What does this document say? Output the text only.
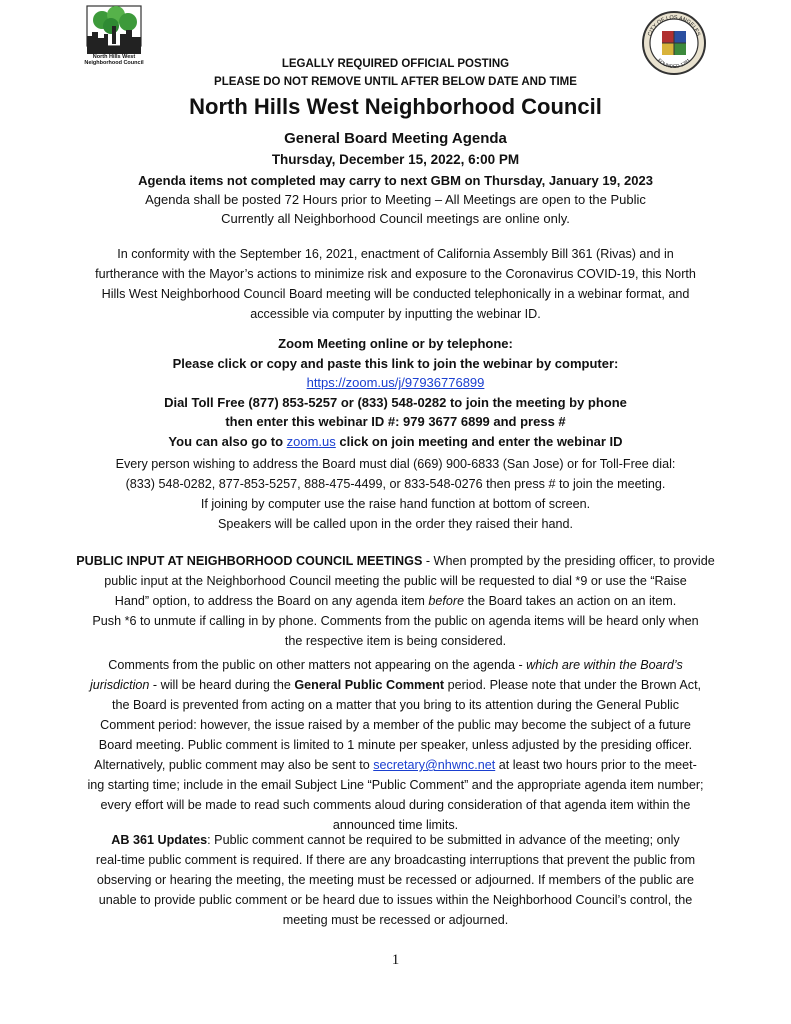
North Hills West
Neighborhood Council
CITY OF LOS ANGELES
FOUNDED 1781
LEGALLY REQUIRED OFFICIAL POSTING
PLEASE DO NOT REMOVE UNTIL AFTER BELOW DATE AND TIME
North Hills West Neighborhood Council
General Board Meeting Agenda
Thursday, December 15, 2022, 6:00 PM
Agenda items not completed may carry to next GBM on Thursday, January 19, 2023
Agenda shall be posted 72 Hours prior to Meeting – All Meetings are open to the Public
Currently all Neighborhood Council meetings are online only.

In conformity with the September 16, 2021, enactment of California Assembly Bill 361 (Rivas) and in

furtherance with the Mayor’s actions to minimize risk and exposure to the Coronavirus COVID-19, this North

Hills West Neighborhood Council Board meeting will be conducted telephonically in a webinar format, and

accessible via computer by inputting the webinar ID.

Zoom Meeting online or by telephone:

Please click or copy and paste this link to join the webinar by computer:

https://zoom.us/j/97936776899

Dial Toll Free (877) 853-5257 or (833) 548-0282 to join the meeting by phone

then enter this webinar ID #: 979 3677 6899 and press #

You can also go to zoom.us click on join meeting and enter the webinar ID

Every person wishing to address the Board must dial (669) 900-6833 (San Jose) or for Toll-Free dial:

(833) 548-0282, 877-853-5257, 888-475-4499, or 833-548-0276 then press # to join the meeting.

If joining by computer use the raise hand function at bottom of screen.

Speakers will be called upon in the order they raised their hand.

PUBLIC INPUT AT NEIGHBORHOOD COUNCIL MEETINGS - When prompted by the presiding officer, to provide

public input at the Neighborhood Council meeting the public will be requested to dial *9 or use the “Raise

Hand” option, to address the Board on any agenda item before the Board takes an action on an item.

Push *6 to unmute if calling in by phone. Comments from the public on agenda items will be heard only when

the respective item is being considered.

Comments from the public on other matters not appearing on the agenda - which are within the Board’s

jurisdiction - will be heard during the General Public Comment period. Please note that under the Brown Act,

the Board is prevented from acting on a matter that you bring to its attention during the General Public

Comment period: however, the issue raised by a member of the public may become the subject of a future

Board meeting. Public comment is limited to 1 minute per speaker, unless adjusted by the presiding officer.

Alternatively, public comment may also be sent to secretary@nhwnc.net at least two hours prior to the meet-

ing starting time; include in the email Subject Line “Public Comment” and the appropriate agenda item number;

every effort will be made to read such comments aloud during consideration of that agenda item within the

announced time limits.

AB 361 Updates: Public comment cannot be required to be submitted in advance of the meeting; only

real-time public comment is required. If there are any broadcasting interruptions that prevent the public from

observing or hearing the meeting, the meeting must be recessed or adjourned. If members of the public are

unable to provide public comment or be heard due to issues within the Neighborhood Council’s control, the

meeting must be recessed or adjourned.

1
